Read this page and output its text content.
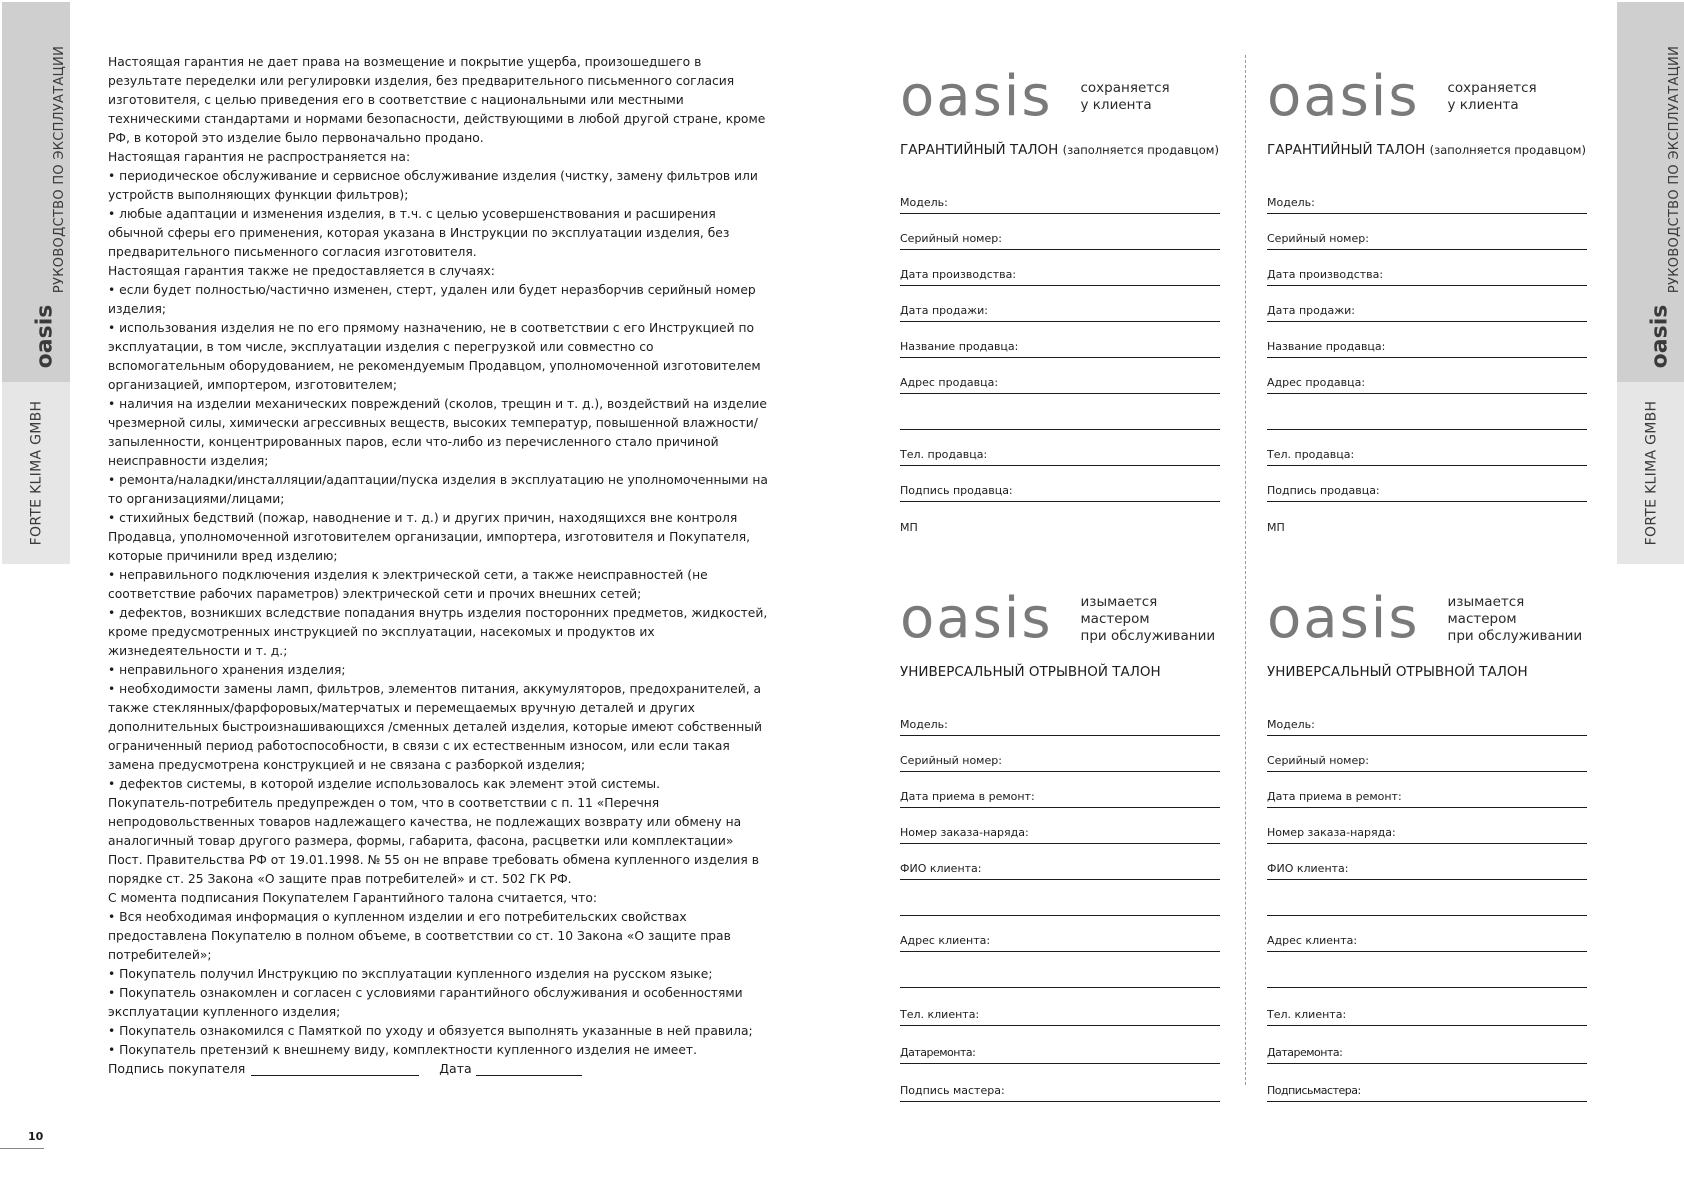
РУКОВОДСТВО ПО ЭКСПЛУАТАЦИИ
oasis
FORTE KLIMA GMBH
РУКОВОДСТВО ПО ЭКСПЛУАТАЦИИ
oasis
FORTE KLIMA GMBH

Настоящая гарантия не дает права на возмещение и покрытие ущерба, произошедшего в результате переделки или регулировки изделия, без предварительного письменного согласия изготовителя, с целью приведения его в соответствие с национальными или местными техническими стандартами и нормами безопасности, действующими в любой другой стране, кроме РФ, в которой это изделие было первоначально продано.

Настоящая гарантия не распространяется на:

• периодическое обслуживание и сервисное обслуживание изделия (чистку, замену фильтров или устройств выполняющих функции фильтров);

• любые адаптации и изменения изделия, в т.ч. с целью усовершенствования и расширения обычной сферы его применения, которая указана в Инструкции по эксплуатации изделия, без предварительного письменного согласия изготовителя.

Настоящая гарантия также не предоставляется в случаях:

• если будет полностью/частично изменен, стерт, удален или будет неразборчив серийный номер изделия;

• использования изделия не по его прямому назначению, не в соответствии с его Инструкцией по эксплуатации, в том числе, эксплуатации изделия с перегрузкой или совместно со вспомогательным оборудованием, не рекомендуемым Продавцом, уполномоченной изготовителем организацией, импортером, изготовителем;

• наличия на изделии механических повреждений (сколов, трещин и т. д.), воздействий на изделие чрезмерной силы, химически агрессивных веществ, высоких температур, повышенной влажности/запыленности, концентрированных паров, если что-либо из перечисленного стало причиной неисправности изделия;

• ремонта/наладки/инсталляции/адаптации/пуска изделия в эксплуатацию не уполномоченными на то организациями/лицами;

• стихийных бедствий (пожар, наводнение и т. д.) и других причин, находящихся вне контроля Продавца, уполномоченной изготовителем организации, импортера, изготовителя и Покупателя, которые причинили вред изделию;

• неправильного подключения изделия к электрической сети, а также неисправностей (не соответствие рабочих параметров) электрической сети и прочих внешних сетей;

• дефектов, возникших вследствие попадания внутрь изделия посторонних предметов, жидкостей, кроме предусмотренных инструкцией по эксплуатации, насекомых и продуктов их жизнедеятельности и т. д.;

• неправильного хранения изделия;

• необходимости замены ламп, фильтров, элементов питания, аккумуляторов, предохранителей, а также стеклянных/фарфоровых/матерчатых и перемещаемых вручную деталей и других дополнительных быстроизнашивающихся /сменных деталей изделия, которые имеют собственный ограниченный период работоспособности, в связи с их естественным износом, или если такая замена предусмотрена конструкцией и не связана с разборкой изделия;

• дефектов системы, в которой изделие использовалось как элемент этой системы.

Покупатель-потребитель предупрежден о том, что в соответствии с п. 11 «Перечня непродовольственных товаров надлежащего качества, не подлежащих возврату или обмену на аналогичный товар другого размера, формы, габарита, фасона, расцветки или комплектации» Пост. Правительства РФ от 19.01.1998. № 55 он не вправе требовать обмена купленного изделия в порядке ст. 25 Закона «О защите прав потребителей» и ст. 502 ГК РФ.

С момента подписания Покупателем Гарантийного талона считается, что:

• Вся необходимая информация о купленном изделии и его потребительских свойствах предоставлена Покупателю в полном объеме, в соответствии со ст. 10 Закона «О защите прав потребителей»;

• Покупатель получил Инструкцию по эксплуатации купленного изделия на русском языке;

• Покупатель ознакомлен и согласен с условиями гарантийного обслуживания и особенностями эксплуатации купленного изделия;

• Покупатель ознакомился с Памяткой по уходу и обязуется выполнять указанные в ней правила;

• Покупатель претензий к внешнему виду, комплектности купленного изделия не имеет.

Подпись покупателя	Дата
10
oasis сохраняется
у клиента
ГАРАНТИЙНЫЙ ТАЛОН (заполняется продавцом)
Модель:
Серийный номер:
Дата производства:
Дата продажи:
Название продавца:
Адрес продавца:
Тел. продавца:
Подпись продавца:
МП
oasis сохраняется
у клиента
ГАРАНТИЙНЫЙ ТАЛОН (заполняется продавцом)
Модель:
Серийный номер:
Дата производства:
Дата продажи:
Название продавца:
Адрес продавца:
Тел. продавца:
Подпись продавца:
МП
oasis изымается мастером
при обслуживании
УНИВЕРСАЛЬНЫЙ ОТРЫВНОЙ ТАЛОН
Модель:
Серийный номер:
Дата приема в ремонт:
Номер заказа-наряда:
ФИО клиента:
Адрес клиента:
Тел. клиента:
Датаремонта:
Подпись мастера:
oasis изымается мастером
при обслуживании
УНИВЕРСАЛЬНЫЙ ОТРЫВНОЙ ТАЛОН
Модель:
Серийный номер:
Дата приема в ремонт:
Номер заказа-наряда:
ФИО клиента:
Адрес клиента:
Тел. клиента:
Датаремонта:
Подписьмастера:
